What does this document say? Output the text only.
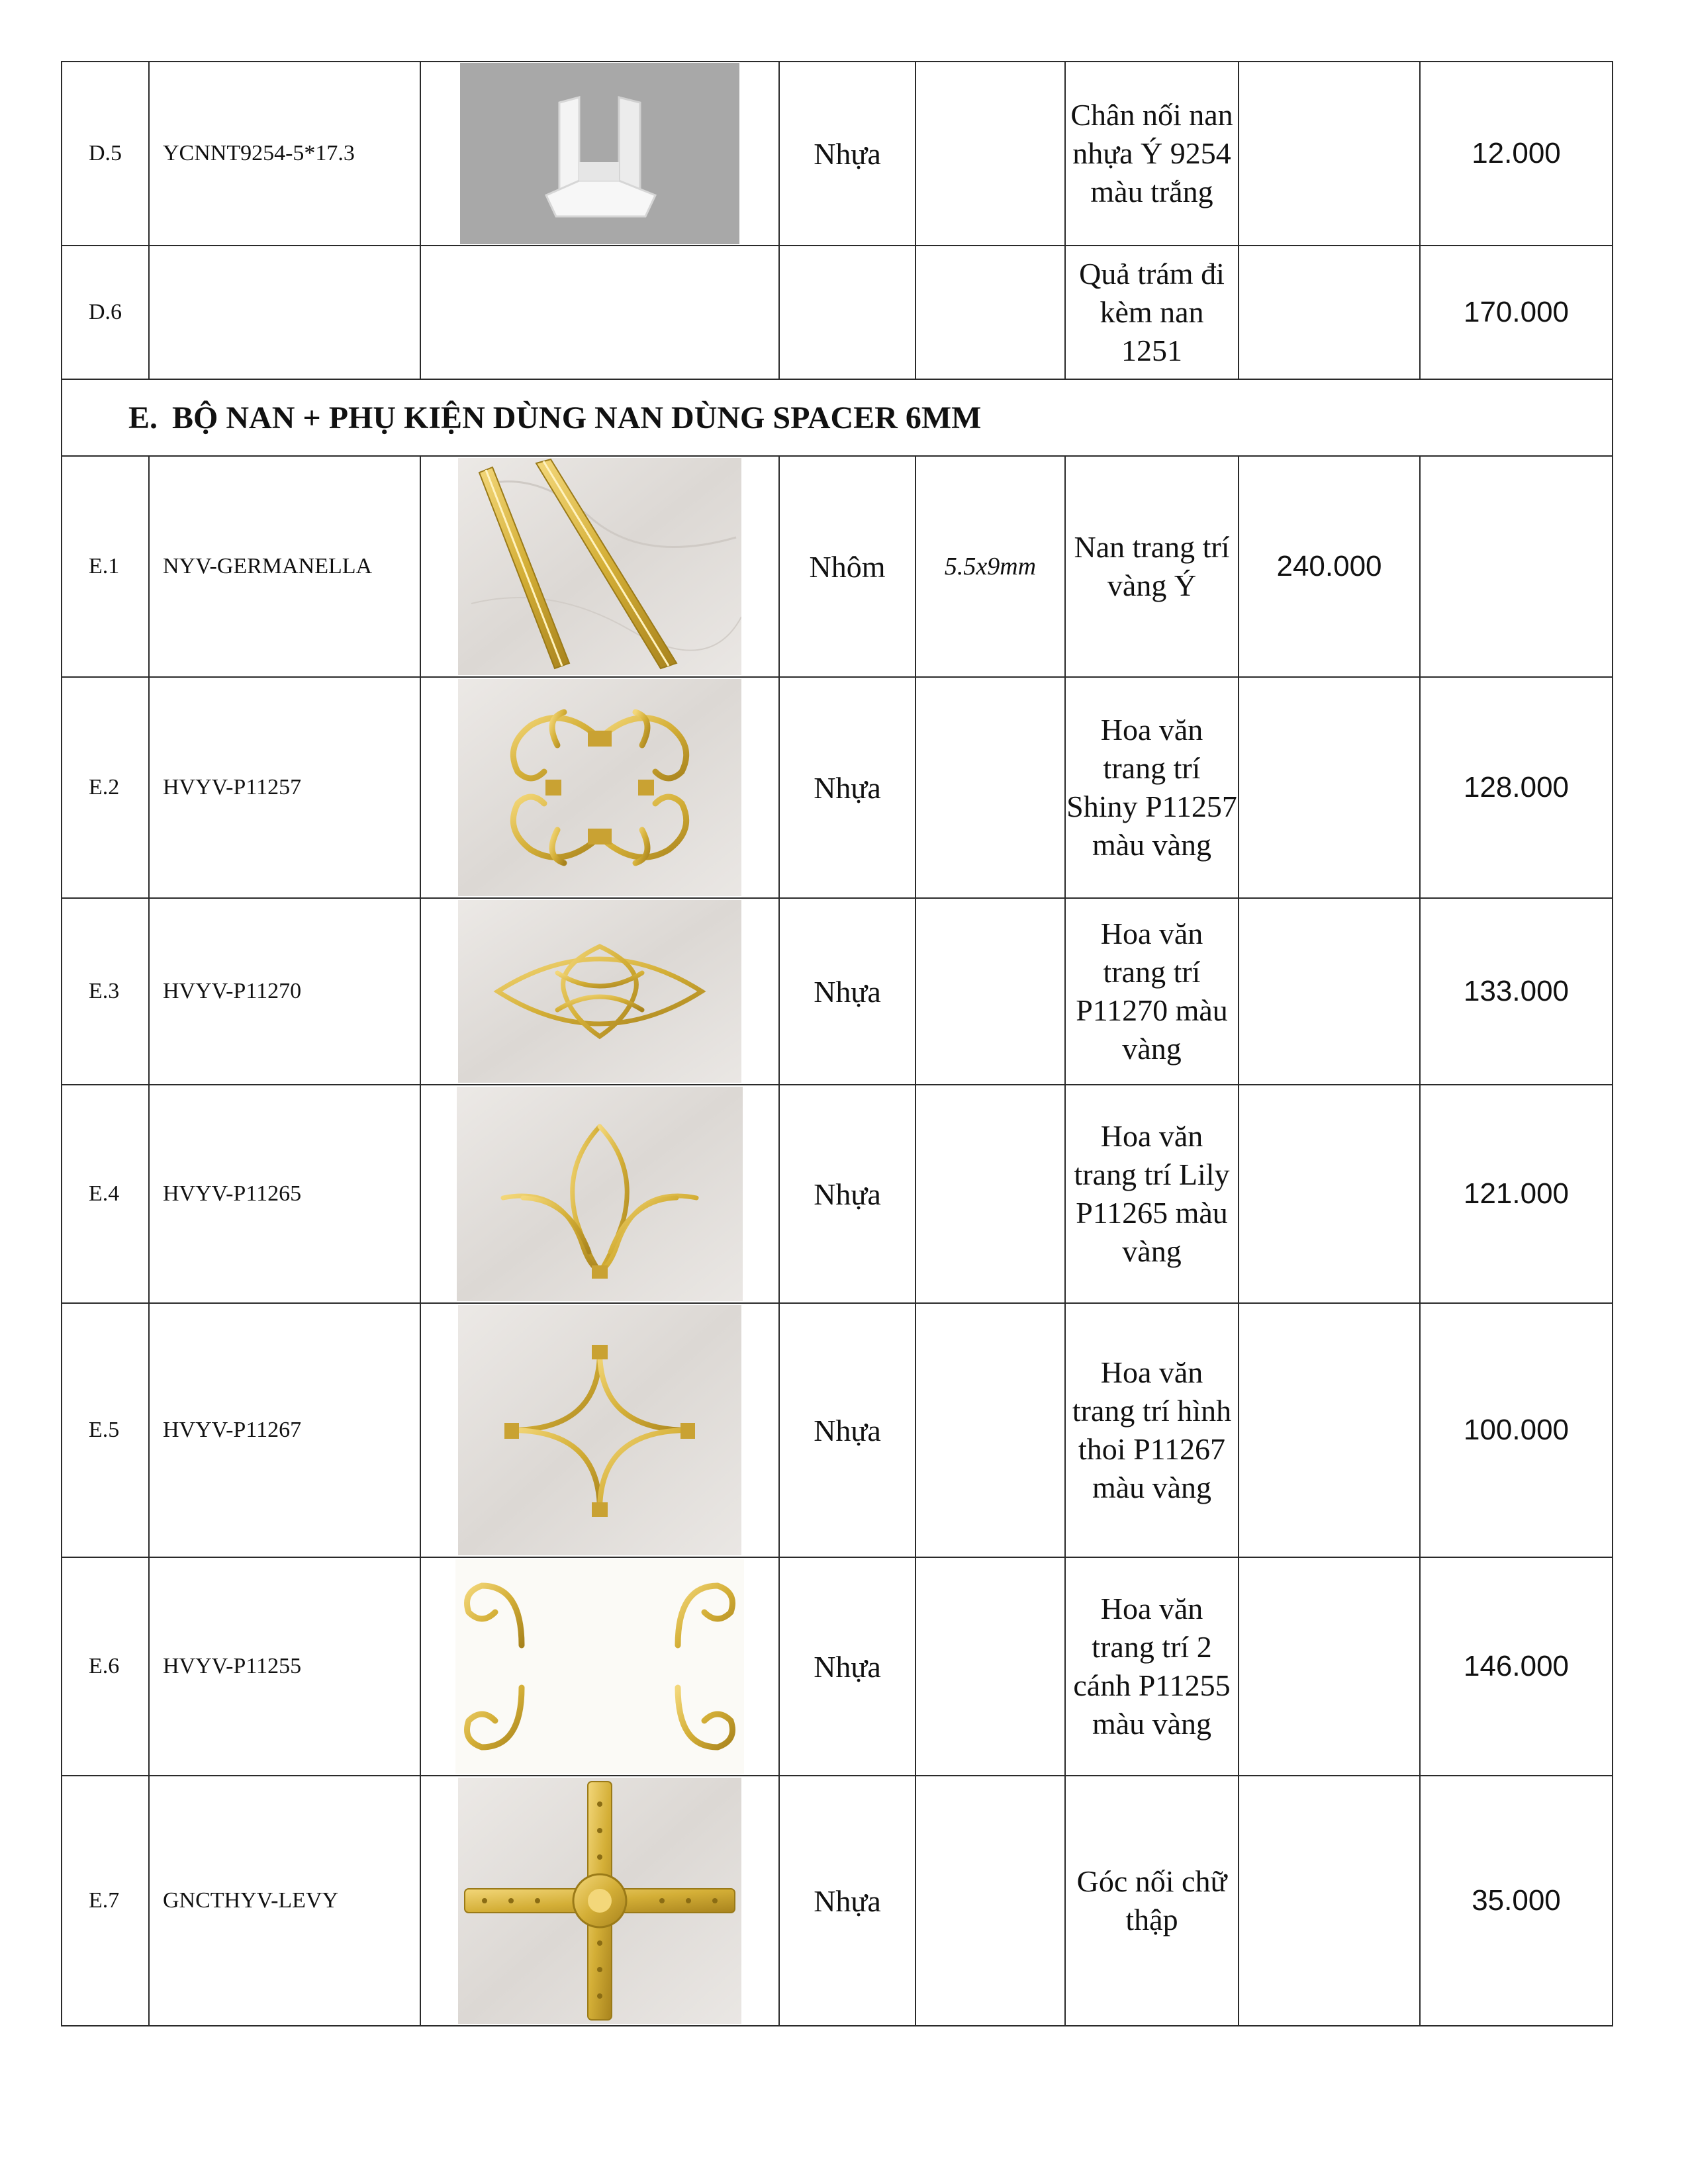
D.5	YCNNT9254-5*17.3		Nhựa		Chân nối nan nhựa Ý 9254 màu trắng		12.000
D.6					Quả trám đi kèm nan 1251		170.000
E. BỘ NAN + PHỤ KIỆN DÙNG NAN DÙNG SPACER 6MM							
E.1	NYV-GERMANELLA		Nhôm	5.5x9mm	Nan trang trí vàng Ý	240.000	
E.2	HVYV-P11257		Nhựa		Hoa văn trang trí Shiny P11257 màu vàng		128.000
E.3	HVYV-P11270		Nhựa		Hoa văn trang trí P11270 màu vàng		133.000
E.4	HVYV-P11265		Nhựa		Hoa văn trang trí Lily P11265 màu vàng		121.000
E.5	HVYV-P11267		Nhựa		Hoa văn trang trí hình thoi P11267 màu vàng		100.000
E.6	HVYV-P11255		Nhựa		Hoa văn trang trí 2 cánh P11255 màu vàng		146.000
E.7	GNCTHYV-LEVY		Nhựa		Góc nối chữ thập		35.000
